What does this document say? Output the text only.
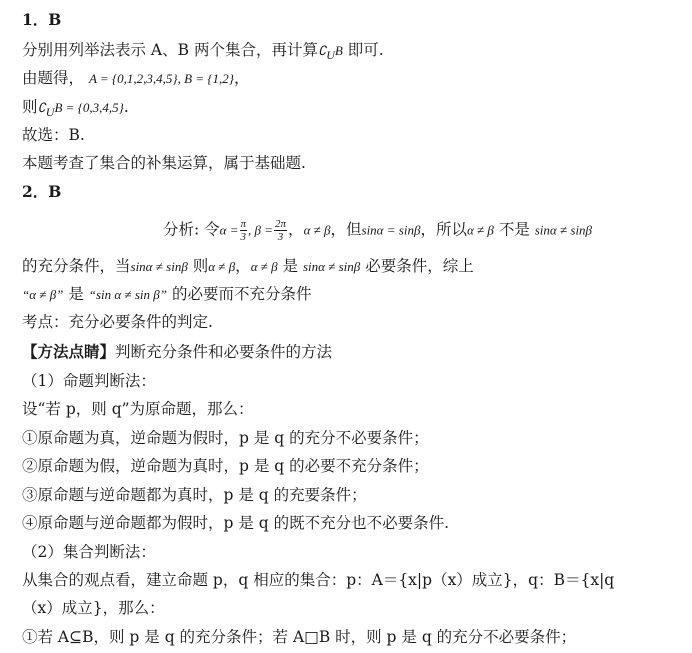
1．B
分别用列举法表示 A、B 两个集合，再计算$∁_UB$ 即可.
由题得， A = {0,1,2,3,4,5}, B = {1,2}，
则$∁_UB = \{0,3,4,5\}$.
故选：B.
本题考查了集合的补集运算，属于基础题.
2．B
分析: 令$\alpha = \frac{\pi}{3}$ , $\beta = \frac{2\pi}{3}$ ，α ≠ β，但sinα = sinβ，所以α ≠ β 不是 sinα ≠ sinβ
的充分条件，当sinα ≠ sinβ 则α ≠ β，α ≠ β 是 sinα ≠ sinβ 必要条件，综上
“α ≠ β” 是 “sin α ≠ sin β” 的必要而不充分条件
考点：充分必要条件的判定.
【方法点睛】判断充分条件和必要条件的方法
（1）命题判断法：
设“若 p，则 q”为原命题，那么：
①原命题为真，逆命题为假时，p 是 q 的充分不必要条件；
②原命题为假，逆命题为真时，p 是 q 的必要不充分条件；
③原命题与逆命题都为真时，p 是 q 的充要条件；
④原命题与逆命题都为假时，p 是 q 的既不充分也不必要条件.
（2）集合判断法：
从集合的观点看，建立命题 p，q 相应的集合：p：A＝{x|p（x）成立}，q：B＝{x|q
（x）成立}，那么：
①若 A⊆B，则 p 是 q 的充分条件；若 A□B 时，则 p 是 q 的充分不必要条件；
